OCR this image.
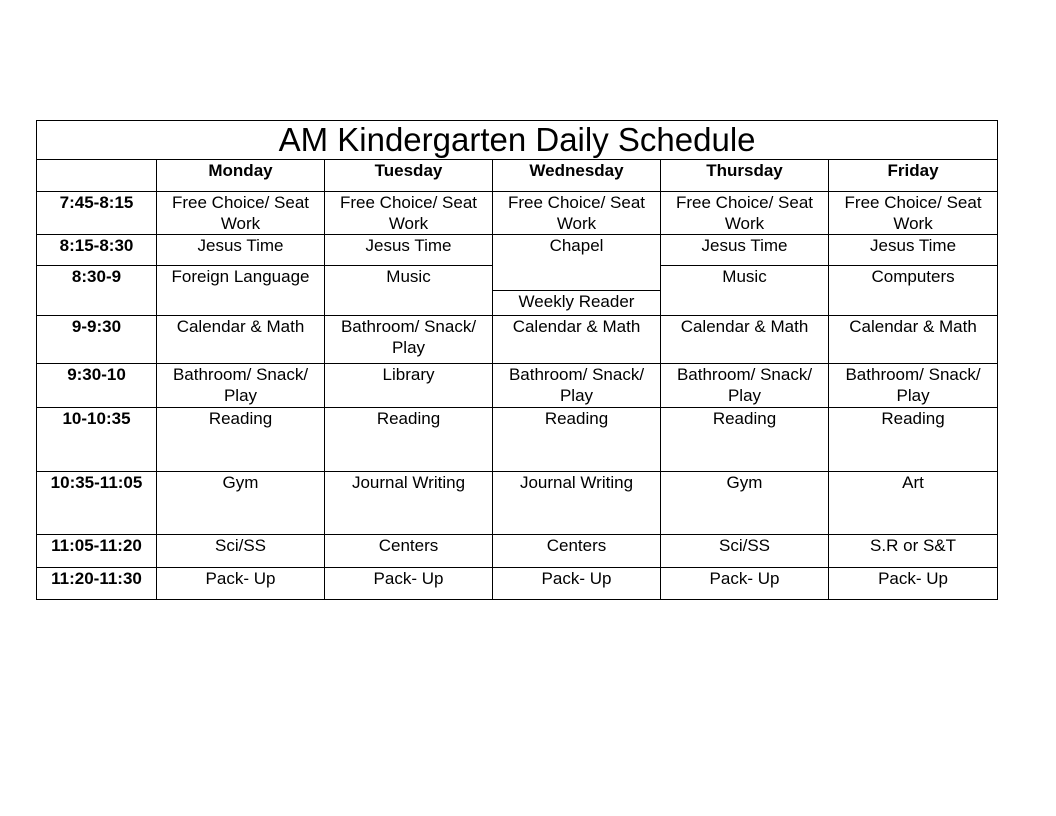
AM Kindergarten Daily Schedule					
	Monday	Tuesday	Wednesday	Thursday	Friday
7:45-8:15	Free Choice/ Seat Work	Free Choice/ Seat Work	Free Choice/ Seat Work	Free Choice/ Seat Work	Free Choice/ Seat Work
8:15-8:30	Jesus Time	Jesus Time	Chapel	Jesus Time	Jesus Time
8:30-9	Foreign Language	Music		Music	Computers
			Weekly Reader		
9-9:30	Calendar & Math	Bathroom/ Snack/ Play	Calendar & Math	Calendar & Math	Calendar & Math
9:30-10	Bathroom/ Snack/ Play	Library	Bathroom/ Snack/ Play	Bathroom/ Snack/ Play	Bathroom/ Snack/ Play
10-10:35	Reading	Reading	Reading	Reading	Reading
10:35-11:05	Gym	Journal Writing	Journal Writing	Gym	Art
11:05-11:20	Sci/SS	Centers	Centers	Sci/SS	S.R or S&T
11:20-11:30	Pack- Up	Pack- Up	Pack- Up	Pack- Up	Pack- Up
